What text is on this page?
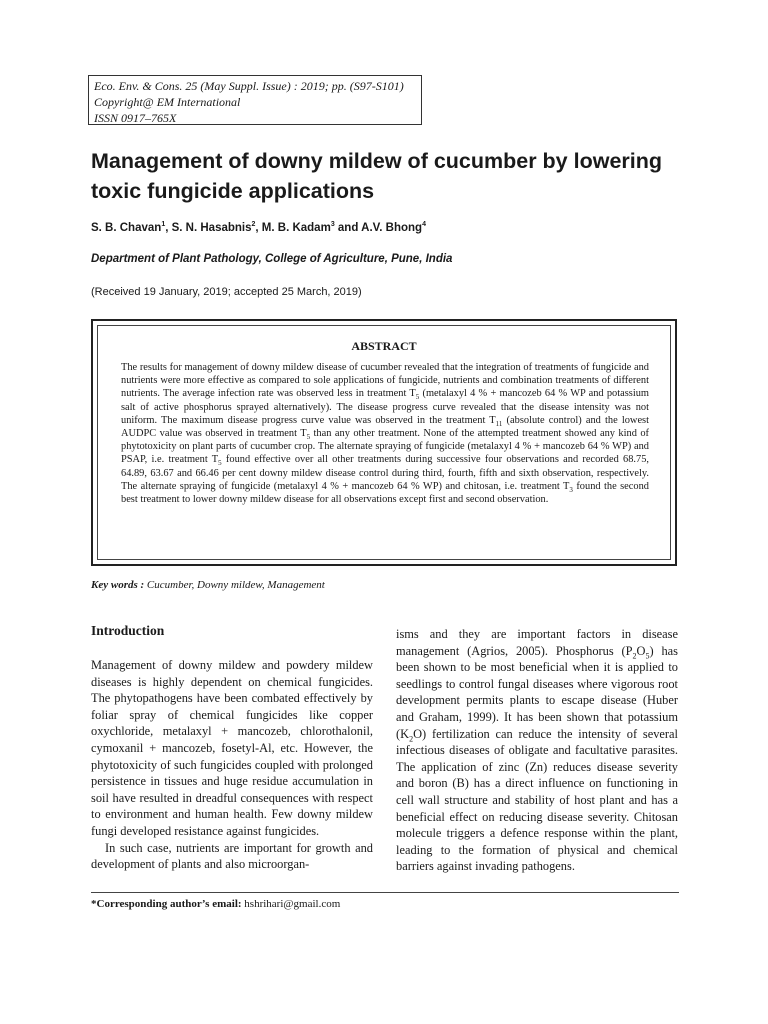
Eco. Env. & Cons. 25 (May Suppl. Issue) : 2019; pp. (S97-S101)
Copyright@ EM International
ISSN 0917–765X
Management of downy mildew of cucumber by lowering toxic fungicide applications
S. B. Chavan$^1$, S. N. Hasabnis$^2$, M. B. Kadam$^3$ and A.V. Bhong$^4$
Department of Plant Pathology, College of Agriculture, Pune, India
(Received 19 January, 2019; accepted 25 March, 2019)
ABSTRACT
The results for management of downy mildew disease of cucumber revealed that the integration of treatments of fungicide and nutrients were more effective as compared to sole applications of fungicide, nutrients and combination treatments of different nutrients. The average infection rate was observed less in treatment $T_5$ (metalaxyl 4 % + mancozeb 64 % WP and potassium salt of active phosphorus sprayed alternatively). The disease progress curve revealed that the disease intensity was not uniform. The maximum disease progress curve value was observed in the treatment $T_{11}$ (absolute control) and the lowest AUDPC value was observed in treatment $T_5$ than any other treatment. None of the attempted treatment showed any kind of phytotoxicity on plant parts of cucumber crop. The alternate spraying of fungicide (metalaxyl 4 % + mancozeb 64 % WP) and PSAP, i.e. treatment $T_5$ found effective over all other treatments during successive four observations and recorded 68.75, 64.89, 63.67 and 66.46 per cent downy mildew disease control during third, fourth, fifth and sixth observation, respectively. The alternate spraying of fungicide (metalaxyl 4 % + mancozeb 64 % WP) and chitosan, i.e. treatment $T_3$ found the second best treatment to lower downy mildew disease for all observations except first and second observation.
Key words : Cucumber, Downy mildew, Management
Introduction

Management of downy mildew and powdery mildew diseases is highly dependent on chemical fungicides. The phytopathogens have been combated effectively by foliar spray of chemical fungicides like copper oxychloride, metalaxyl + mancozeb, chlorothalonil, cymoxanil + mancozeb, fosetyl-Al, etc. However, the phytotoxicity of such fungicides coupled with prolonged persistence in tissues and huge residue accumulation in soil have resulted in dreadful consequences with respect to environment and human health. Few downy mildew fungi developed resistance against fungicides.

In such case, nutrients are important for growth and development of plants and also microorgan-

isms and they are important factors in disease management (Agrios, 2005). Phosphorus $(P_2O_5)$ has been shown to be most beneficial when it is applied to seedlings to control fungal diseases where vigorous root development permits plants to escape disease (Huber and Graham, 1999). It has been shown that potassium $(K_2O)$ fertilization can reduce the intensity of several infectious diseases of obligate and facultative parasites. The application of zinc (Zn) reduces disease severity and boron (B) has a direct influence on functioning in cell wall structure and stability of host plant and has a beneficial effect on reducing disease severity. Chitosan molecule triggers a defence response within the plant, leading to the formation of physical and chemical barriers against invading pathogens.

*Corresponding author’s email: hshrihari@gmail.com
